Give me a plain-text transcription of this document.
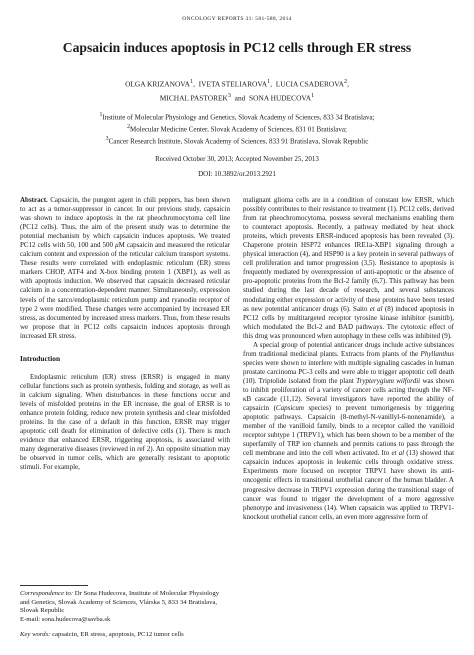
ONCOLOGY REPORTS 31: 581-588, 2014
Capsaicin induces apoptosis in PC12 cells through ER stress
OLGA KRIZANOVA$^1$,  IVETA STELIAROVA$^1$,  LUCIA CSADEROVA$^2$,
MICHAL PASTOREK$^3$ and SONA HUDECOVA$^1$
$^1$Institute of Molecular Physiology and Genetics, Slovak Academy of Sciences, 833 34 Bratislava;
$^2$Molecular Medicine Center, Slovak Academy of Sciences, 831 01 Bratislava;
$^3$Cancer Research Institute, Slovak Academy of Sciences, 833 91 Bratislava, Slovak Republic
Received October 30, 2013; Accepted November 25, 2013
DOI: 10.3892/or.2013.2921

Abstract. Capsaicin, the pungent agent in chili peppers, has been shown to act as a tumor-suppressor in cancer. In our previous study, capsaicin was shown to induce apoptosis in the rat pheochromocytoma cell line (PC12 cells). Thus, the aim of the present study was to determine the potential mechanism by which capsaicin induces apoptosis. We treated PC12 cells with 50, 100 and 500 μM capsaicin and measured the reticular calcium content and expression of the reticular calcium transport systems. These results were correlated with endoplasmic reticulum (ER) stress markers CHOP, ATF4 and X-box binding protein 1 (XBP1), as well as with apoptosis induction. We observed that capsaicin decreased reticular calcium in a concentration-dependent manner. Simultaneously, expression levels of the sarco/endoplasmic reticulum pump and ryanodin receptor of type 2 were modified. These changes were accompanied by increased ER stress, as documented by increased stress markers. Thus, from these results we propose that in PC12 cells capsaicin induces apoptosis through increased ER stress.

Introduction

Endoplasmic reticulum (ER) stress (ERSR) is engaged in many cellular functions such as protein synthesis, folding and storage, as well as in calcium signaling. When disturbances in these functions occur and levels of misfolded proteins in the ER increase, the goal of ERSR is to enhance protein folding, reduce new protein synthesis and clear misfolded proteins. In the case of a default in this function, ERSR may trigger apoptotic cell death for elimination of defective cells (1). There is much evidence that enhanced ERSR, triggering apoptosis, is associated with many degenerative diseases (reviewed in ref 2). An opposite situation may be observed in tumor cells, which are generally resistant to apoptotic stimuli. For example,

malignant glioma cells are in a condition of constant low ERSR, which possibly contributes to their resistance to treatment (1). PC12 cells, derived from rat pheochromocytoma, possess several mechanisms enabling them to counteract apoptosis. Recently, a pathway mediated by heat shock proteins, which prevents ERSR-induced apoptosis has been revealed (3). Chaperone protein HSP72 enhances IRE1a-XBP1 signaling through a physical interaction (4), and HSP90 is a key protein in several pathways of cell proliferation and tumor progression (3,5). Resistance to apoptosis is frequently mediated by overexpression of anti-apoptotic or the absence of pro-apoptotic proteins from the Bcl-2 family (6,7). This pathway has been studied during the last decade of research, and several substances modulating either expression or activity of these proteins have been tested as new potential anticancer drugs (6). Saito et al (8) induced apoptosis in PC12 cells by multitargeted receptor tyrosine kinase inhibitor (sunitib), which modulated the Bcl-2 and BAD pathways. The cytotoxic effect of this drug was pronounced when autophagy in these cells was inhibited (9).

A special group of potential anticancer drugs include active substances from traditional medicinal plants. Extracts from plants of the Phyllanthus species were shown to interfere with multiple signaling cascades in human prostate carcinoma PC-3 cells and were able to trigger apoptotic cell death (10). Triptolide isolated from the plant Trypterygium wilfordii was shown to inhibit proliferation of a variety of cancer cells acting through the NF-κB cascade (11,12). Several investigators have reported the ability of capsaicin (Capsicum species) to prevent tumorigenesis by triggering apoptotic pathways. Capsaicin (8-methyl-N-vanillyl-6-nonenamide), a member of the vanilloid family, binds to a receptor called the vanilloid receptor subtype 1 (TRPV1), which has been shown to be a member of the superfamily of TRP ion channels and permits cations to pass through the cell membrane and into the cell when activated. Ito et al (13) showed that capsaicin induces apoptosis in leukemic cells through oxidative stress. Experiments more focused on receptor TRPV1 have shown its anti-oncogenic effects in transitional urothelial cancer of the human bladder. A progressive decrease in TRPV1 expression during the transitional stage of cancer was found to trigger the development of a more aggressive phenotype and invasiveness (14). When capsaicin was applied to TRPV1-knockout urothelial cancer cells, an even more aggressive form of

Correspondence to: Dr Sona Hudecova, Institute of Molecular Physiology and Genetics, Slovak Academy of Sciences, Vlárska 5, 833 34 Bratislava, Slovak Republic
E-mail: sona.hudecova@savba.sk
Key words: capsaicin, ER stress, apoptosis, PC12 tumor cells
